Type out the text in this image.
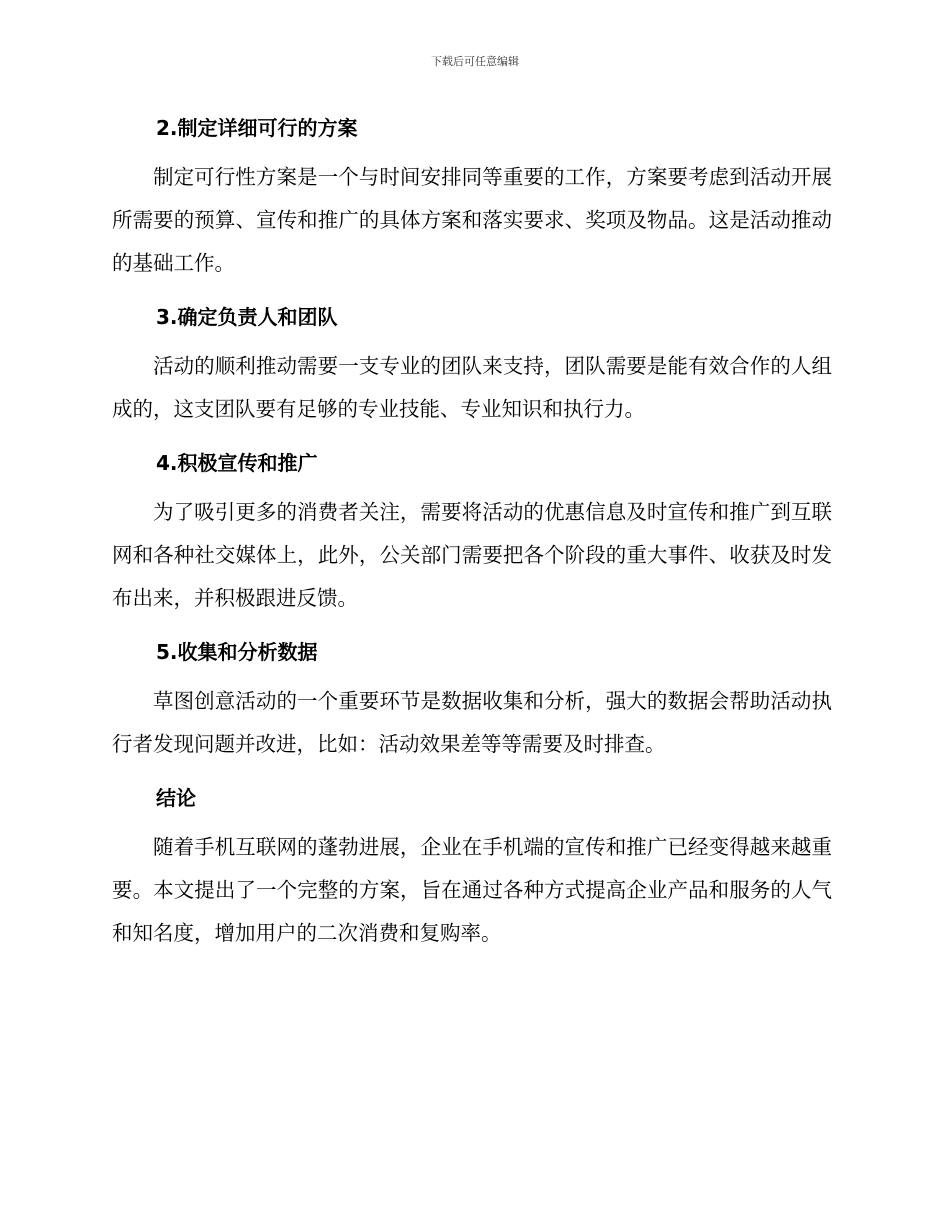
下载后可任意编辑
2.制定详细可行的方案

制定可行性方案是一个与时间安排同等重要的工作，方案要考虑到活动开展所需要的预算、宣传和推广的具体方案和落实要求、奖项及物品。这是活动推动的基础工作。

3.确定负责人和团队

活动的顺利推动需要一支专业的团队来支持，团队需要是能有效合作的人组成的，这支团队要有足够的专业技能、专业知识和执行力。

4.积极宣传和推广

为了吸引更多的消费者关注，需要将活动的优惠信息及时宣传和推广到互联网和各种社交媒体上，此外，公关部门需要把各个阶段的重大事件、收获及时发布出来，并积极跟进反馈。

5.收集和分析数据

草图创意活动的一个重要环节是数据收集和分析，强大的数据会帮助活动执行者发现问题并改进，比如：活动效果差等等需要及时排查。

结论

随着手机互联网的蓬勃进展，企业在手机端的宣传和推广已经变得越来越重要。本文提出了一个完整的方案，旨在通过各种方式提高企业产品和服务的人气和知名度，增加用户的二次消费和复购率。
